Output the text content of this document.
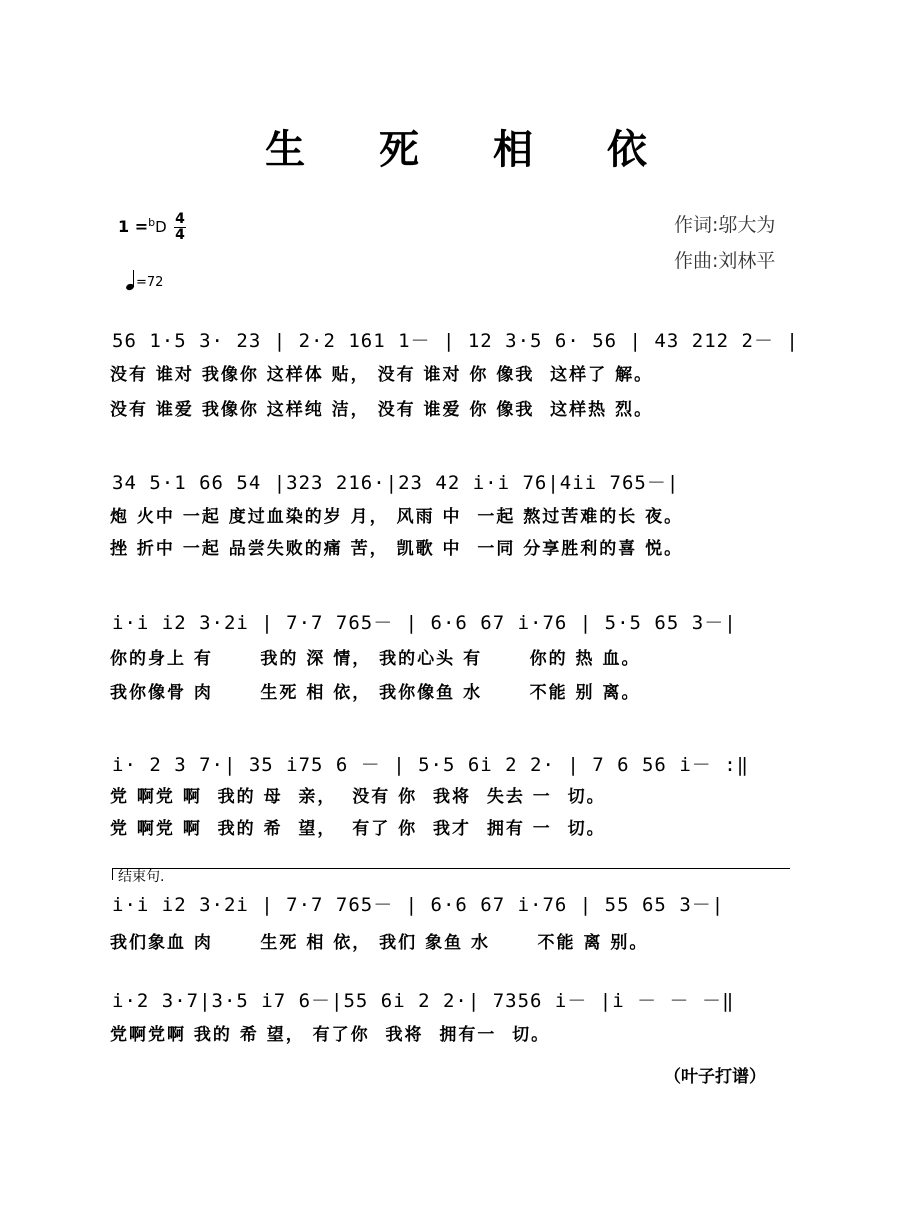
生 死 相 依
1 =$^b$D 4
4
=72
作词:邬大为
作曲:刘林平
56 1·5 3· 23 | 2·2 161 1－ | 12 3·5 6· 56 | 43 212 2－ |
没有 谁对 我像你 这样体 贴， 没有 谁对 你 像我  这样了 解。
没有 谁爱 我像你 这样纯 洁， 没有 谁爱 你 像我  这样热 烈。
34 5·1 66 54 |323 216·|23 42 i·i 76|4ii 765－|
炮 火中 一起 度过血染的岁 月， 风雨 中  一起 熬过苦难的长 夜。
挫 折中 一起 品尝失败的痛 苦， 凯歌 中  一同 分享胜利的喜 悦。
i·i i2 3·2i | 7·7 765－ | 6·6 67 i·76 | 5·5 65 3－|
你的身上 有      我的 深 情， 我的心头 有      你的 热 血。
我你像骨 肉      生死 相 依， 我你像鱼 水      不能 别 离。
i· 2 3 7·| 35 i75 6 － | 5·5 6i 2 2· | 7 6 56 i－ :‖
党 啊党 啊  我的 母  亲，  没有 你  我将  失去 一  切。
党 啊党 啊  我的 希  望，  有了 你  我才  拥有 一  切。
结束句.
i·i i2 3·2i | 7·7 765－ | 6·6 67 i·76 | 55 65 3－|
我们象血 肉      生死 相 依， 我们 象鱼 水      不能 离 别。
i·2 3·7|3·5 i7 6－|55 6i 2 2·| 7356 i－ |i － － －‖
党啊党啊 我的 希 望， 有了你  我将  拥有一  切。
（叶子打谱）
